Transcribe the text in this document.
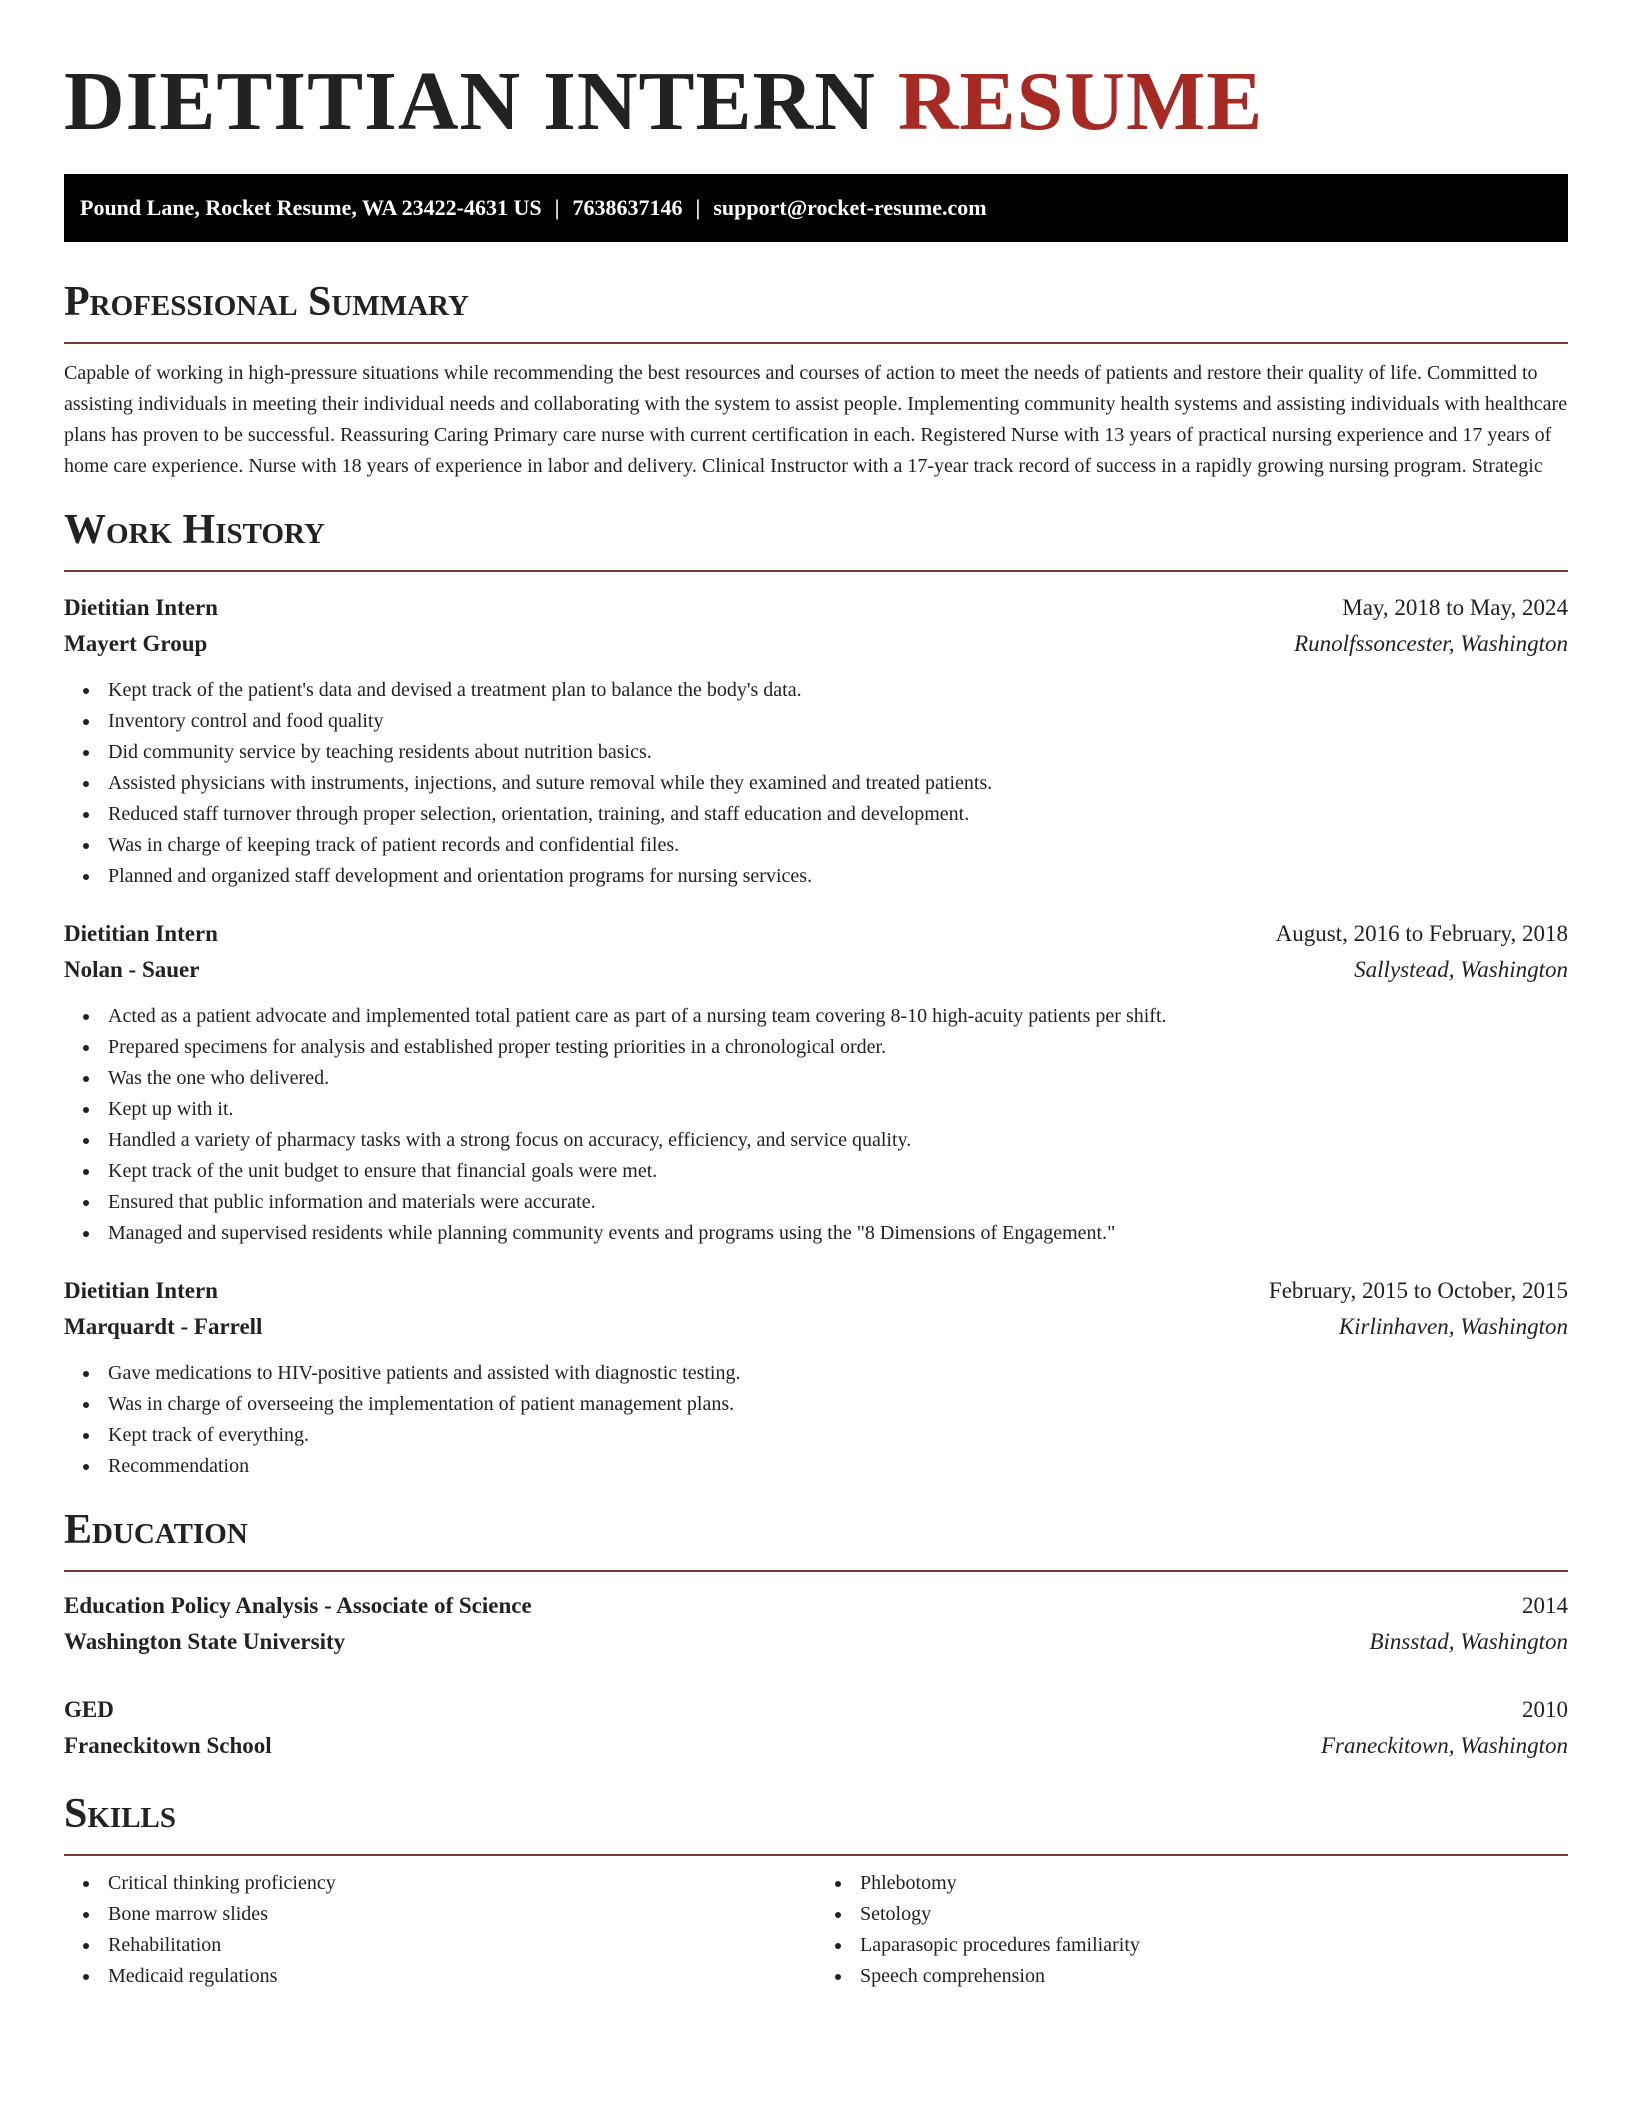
DIETITIAN INTERN RESUME
Pound Lane, Rocket Resume, WA 23422-4631 US | 7638637146 | support@rocket-resume.com
Professional Summary

Capable of working in high-pressure situations while recommending the best resources and courses of action to meet the needs of patients and restore their quality of life. Committed to assisting individuals in meeting their individual needs and collaborating with the system to assist people. Implementing community health systems and assisting individuals with healthcare plans has proven to be successful. Reassuring Caring Primary care nurse with current certification in each. Registered Nurse with 13 years of practical nursing experience and 17 years of home care experience. Nurse with 18 years of experience in labor and delivery. Clinical Instructor with a 17-year track record of success in a rapidly growing nursing program. Strategic

Work History
Dietitian Intern	May, 2018 to May, 2024
Mayert Group	Runolfssoncester, Washington
Kept track of the patient's data and devised a treatment plan to balance the body's data.
Inventory control and food quality
Did community service by teaching residents about nutrition basics.
Assisted physicians with instruments, injections, and suture removal while they examined and treated patients.
Reduced staff turnover through proper selection, orientation, training, and staff education and development.
Was in charge of keeping track of patient records and confidential files.
Planned and organized staff development and orientation programs for nursing services.
Dietitian Intern	August, 2016 to February, 2018
Nolan - Sauer	Sallystead, Washington
Acted as a patient advocate and implemented total patient care as part of a nursing team covering 8-10 high-acuity patients per shift.
Prepared specimens for analysis and established proper testing priorities in a chronological order.
Was the one who delivered.
Kept up with it.
Handled a variety of pharmacy tasks with a strong focus on accuracy, efficiency, and service quality.
Kept track of the unit budget to ensure that financial goals were met.
Ensured that public information and materials were accurate.
Managed and supervised residents while planning community events and programs using the "8 Dimensions of Engagement."
Dietitian Intern	February, 2015 to October, 2015
Marquardt - Farrell	Kirlinhaven, Washington
Gave medications to HIV-positive patients and assisted with diagnostic testing.
Was in charge of overseeing the implementation of patient management plans.
Kept track of everything.
Recommendation
Education
Education Policy Analysis - Associate of Science	2014
Washington State University	Binsstad, Washington
GED	2010
Franeckitown School	Franeckitown, Washington
Skills
Critical thinking proficiency
Bone marrow slides
Rehabilitation
Medicaid regulations
Phlebotomy
Setology
Laparasopic procedures familiarity
Speech comprehension
